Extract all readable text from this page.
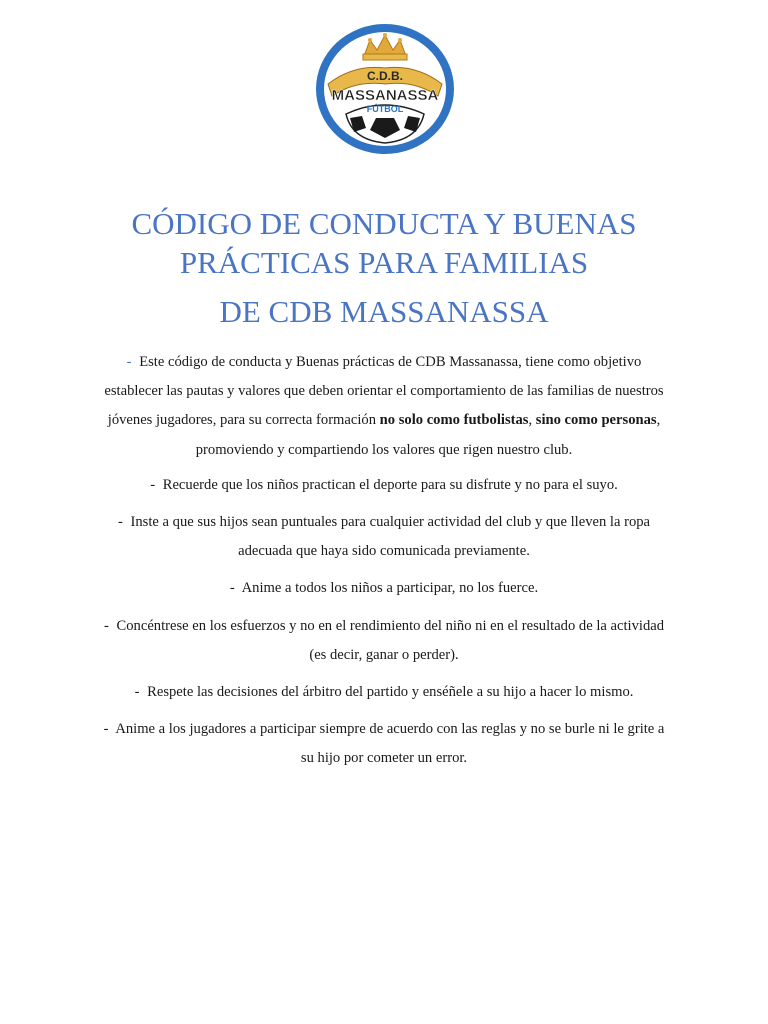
C.D.B.
MASSANASSA
FÚTBOL
CÓDIGO DE CONDUCTA Y BUENAS
PRÁCTICAS PARA FAMILIAS
DE CDB MASSANASSA

- Este código de conducta y Buenas prácticas de CDB Massanassa, tiene como objetivo establecer las pautas y valores que deben orientar el comportamiento de las familias de nuestros jóvenes jugadores, para su correcta formación no solo como futbolistas, sino como personas, promoviendo y compartiendo los valores que rigen nuestro club.

- Recuerde que los niños practican el deporte para su disfrute y no para el suyo.

- Inste a que sus hijos sean puntuales para cualquier actividad del club y que lleven la ropa adecuada que haya sido comunicada previamente.

- Anime a todos los niños a participar, no los fuerce.

- Concéntrese en los esfuerzos y no en el rendimiento del niño ni en el resultado de la actividad (es decir, ganar o perder).

- Respete las decisiones del árbitro del partido y enséñele a su hijo a hacer lo mismo.

- Anime a los jugadores a participar siempre de acuerdo con las reglas y no se burle ni le grite a su hijo por cometer un error.
